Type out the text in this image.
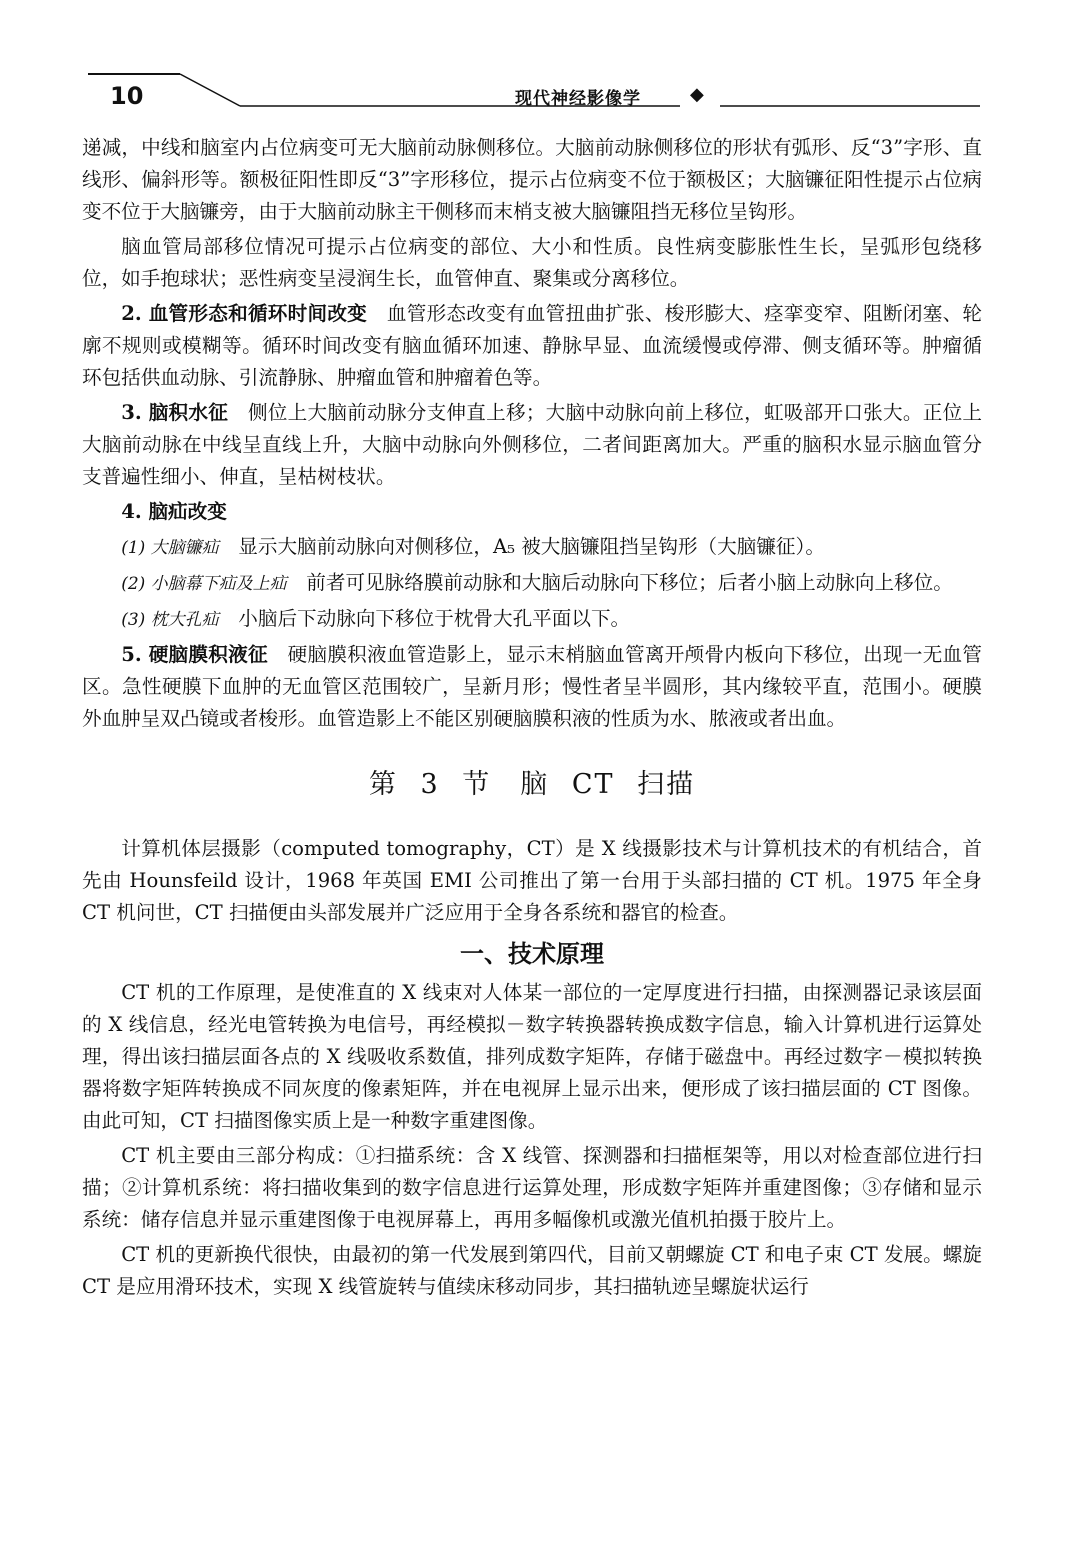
10	现代神经影像学	◆

递减，中线和脑室内占位病变可无大脑前动脉侧移位。大脑前动脉侧移位的形状有弧形、反“3”字形、直线形、偏斜形等。额极征阳性即反“3”字形移位，提示占位病变不位于额极区；大脑镰征阳性提示占位病变不位于大脑镰旁，由于大脑前动脉主干侧移而末梢支被大脑镰阻挡无移位呈钩形。

脑血管局部移位情况可提示占位病变的部位、大小和性质。良性病变膨胀性生长，呈弧形包绕移位，如手抱球状；恶性病变呈浸润生长，血管伸直、聚集或分离移位。

2. 血管形态和循环时间改变　血管形态改变有血管扭曲扩张、梭形膨大、痉挛变窄、阻断闭塞、轮廓不规则或模糊等。循环时间改变有脑血循环加速、静脉早显、血流缓慢或停滞、侧支循环等。肿瘤循环包括供血动脉、引流静脉、肿瘤血管和肿瘤着色等。

3. 脑积水征　侧位上大脑前动脉分支伸直上移；大脑中动脉向前上移位，虹吸部开口张大。正位上大脑前动脉在中线呈直线上升，大脑中动脉向外侧移位，二者间距离加大。严重的脑积水显示脑血管分支普遍性细小、伸直，呈枯树枝状。

4. 脑疝改变

(1) 大脑镰疝　显示大脑前动脉向对侧移位，A₅ 被大脑镰阻挡呈钩形（大脑镰征）。

(2) 小脑幕下疝及上疝　前者可见脉络膜前动脉和大脑后动脉向下移位；后者小脑上动脉向上移位。

(3) 枕大孔疝　小脑后下动脉向下移位于枕骨大孔平面以下。

5. 硬脑膜积液征　硬脑膜积液血管造影上，显示末梢脑血管离开颅骨内板向下移位，出现一无血管区。急性硬膜下血肿的无血管区范围较广，呈新月形；慢性者呈半圆形，其内缘较平直，范围小。硬膜外血肿呈双凸镜或者梭形。血管造影上不能区别硬脑膜积液的性质为水、脓液或者出血。

第 3 节　脑 CT 扫描

计算机体层摄影（computed tomography，CT）是 X 线摄影技术与计算机技术的有机结合，首先由 Hounsfeild 设计，1968 年英国 EMI 公司推出了第一台用于头部扫描的 CT 机。1975 年全身 CT 机问世，CT 扫描便由头部发展并广泛应用于全身各系统和器官的检查。

一、技术原理

CT 机的工作原理，是使准直的 X 线束对人体某一部位的一定厚度进行扫描，由探测器记录该层面的 X 线信息，经光电管转换为电信号，再经模拟－数字转换器转换成数字信息，输入计算机进行运算处理，得出该扫描层面各点的 X 线吸收系数值，排列成数字矩阵，存储于磁盘中。再经过数字－模拟转换器将数字矩阵转换成不同灰度的像素矩阵，并在电视屏上显示出来，便形成了该扫描层面的 CT 图像。由此可知，CT 扫描图像实质上是一种数字重建图像。

CT 机主要由三部分构成：①扫描系统：含 X 线管、探测器和扫描框架等，用以对检查部位进行扫描；②计算机系统：将扫描收集到的数字信息进行运算处理，形成数字矩阵并重建图像；③存储和显示系统：储存信息并显示重建图像于电视屏幕上，再用多幅像机或激光值机拍摄于胶片上。

CT 机的更新换代很快，由最初的第一代发展到第四代，目前又朝螺旋 CT 和电子束 CT 发展。螺旋 CT 是应用滑环技术，实现 X 线管旋转与值续床移动同步，其扫描轨迹呈螺旋状运行
